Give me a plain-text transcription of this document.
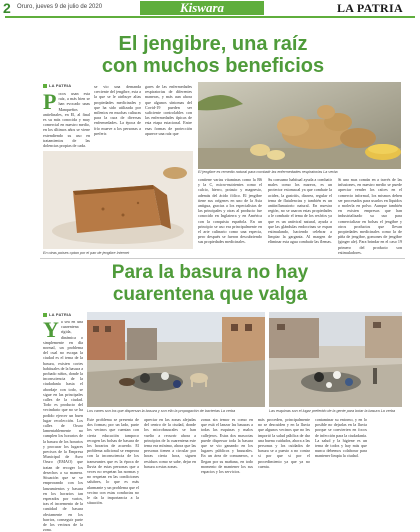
2 Oruro, jueves 9 de julio de 2020	Kiswara	LA PATRIA
El jengibre, una raíz
con muchos beneficios
LA PATRIA
Pocos usan esta raíz, a más bien se han evocado unas Manqueños antielinales, en El, al final es su más conocida y muy comercial en nuestro medio, en los últimos años se viene extendiendo su uso en tratamientos de las dolencias propias de cada.
se vio una demanda creciente del jengibre, esta a la que se le atribuye altas propiedades medicinales y que ha sido utilizada por milenios en muchas culturas para la cura de diversas enfermedades. La época de frío mueve a los personas a preferir.
gares de las enfermedades respiratorias de diferentes maneras, y más aun ahora que algunos síntomas del Covid-19 pueden ser suficiente controlables con las enfermedades típicas de esta etapa estacional. Entre esas formas de protección aparece una raíz que
El jengibre es remedio natural para combatir las enfermedades respiratorias La verba
En otras países optan por el pan de jengibre Internet
contiene varias vitaminas como la B6 y la C, micro-nutrientes como el calcio, hierro, potasio y magnesio, además del ácido fólico. El jengibre tiene sus orígenes en uno de la Asia antigua, gracias a los especialistas de las principales y otras al producto fue conocido en Inglaterra y en América con la conquista española. En un principio se uso era principalmente en el arte culinario como una especia, pero después se fueron descubriendo sus propiedades medicinales.
Su consumo habitual ayuda a combatir males como los mareos, es un protector estomacal ya que combate la acidez, la gastritis, diarrea, regular el tema de flatulencias y también es un antiinflamatorio natural. En nuestra región, no se usaron estas propiedades a le combatir el tema de los resfríos ya que es un antiviral natural, ayuda a que las glándulas endocrinas se expan estimulando, haciendo celebrar a limpiar la garganta. Al margen de eliminar esta agua combatir las flemas.
Si uno mas común en a través de las infusiones, en nuestro medio se puede apreciar vender los raíces en el comercio informal, los mismos deben ser procesados para usarlos en líquidos o molerla en polvo. Aunque también en existen empresas que han industrializado su uso para comercializar en bolsas el jengibre y otros productos que llevan propiedades medicinales como la de piña de jengibre, gomones de jengibre (ginger ale). Para brindar en el caso 19 primero del producto son estimuladores.
Para la basura no hay
cuarentena que valga
LA PATRIA
Ya sea en una cuarentena rígida, dinámica o simplemente en día normal, un problema del cual no escapa la ciudad es el tema de la basura, existen cortes habituales de la basura a probado niños, donde la inconsciencia de la ciudadanía hasta el abordaje con todo, se sigue en las principales calles de la ciudad. Todo es producto del vecindario que no se ha podido ejercer un buen lugar recolección. Los calles de Oruro lamentablemente no cumplen los horarios de la basura de los horarios y procurar los lugares precisos de la Empresa Municipal de Aseo Oruro (EMAO) que tratan de recoger los desechos a su manera. Situación que se ve empeorando con los lanzamientos y basura en los horarios tan esperados por varios, tras el incremento de la cantidad de basura obviamente en los barrios, conseguir parte de los vecinos de la zona.
Los canes son los que dispersan la basura y son ello la propagación de bacterias La verba	Las esquinas son el lugar preferido de la gente para botar la basura La verba
Este problema se presenta de dos formas; por un lado, parte los vecinos que cuentan con cierta educación tampoco recogen las bolsas de basura de los horarios de acuerdo. El problema adicional se empeora con la inconsciencia de los transeuntes que es la época de lluvia de estas personas que a veces no respetan las normas y no respetan en las condiciones salubres, lo que es más alarmante y un problema que el vecino con estas conductas no le da la importancia a la situación.
apreciar en las zonas alejadas del centro de la ciudad, donde los microbasurales se han vuelto a recurrir ahora a principios de la cuarentena este tema era mínimo, ahora que las personas tienen a circular por horas cierta hora, siguen residuos como se sabe, dejar en basura a estas zonas.
zonas sin temor es como en que está el lanzar las basuras a todas las esquinas y malos callejeros. Estas dos mascotas puede dispersar toda la basura que se vio ganando en los lugares públicos y basurales. En un área de comuneros, o llegan por su mañana, en todo momento de mantener los sus espacios y los servicios.
más proceden, principalmente no se descuiden y en la lluvia que algunos vecinos que no les importó la salud pública de dar una buena cuidados, ahora a las personas y los cuidados de basura se a puesto a no contar si por que si por el procedimiento ya que ya no cuenta.
contaminar su entorno, y en lo posible no dejarlas en la lluvia porque se convierten en focos de infección para la ciudadanía. La salud y la higiene es un tema de todos y hay más que nunca debemos colaborar para mantener limpia la ciudad.
